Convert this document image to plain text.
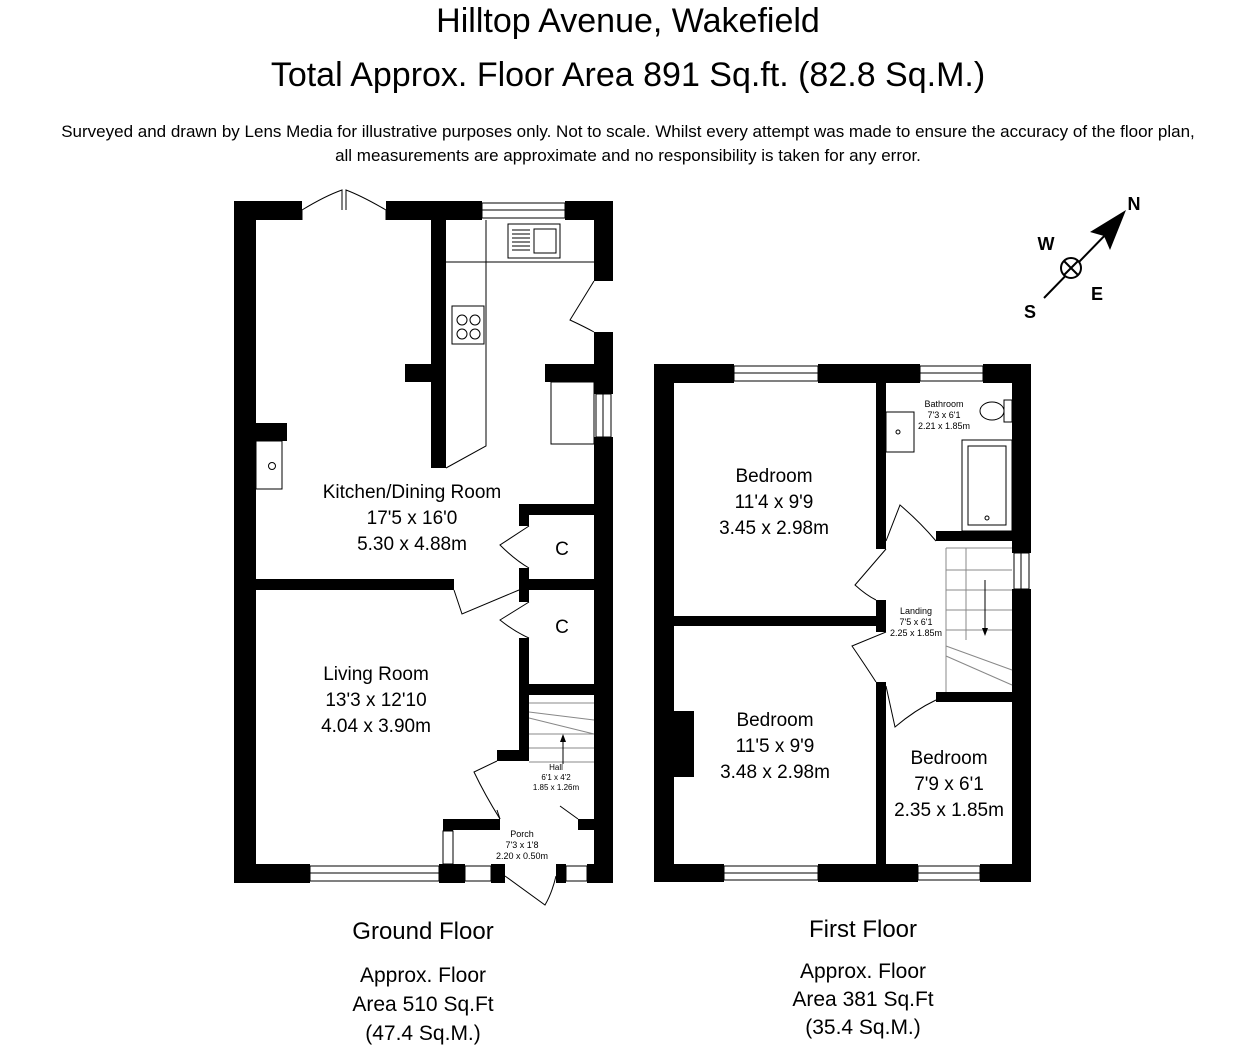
Hilltop Avenue, Wakefield
Total Approx. Floor Area 891 Sq.ft. (82.8 Sq.M.)
Surveyed and drawn by Lens Media for illustrative purposes only. Not to scale. Whilst every attempt was made to ensure the accuracy of the floor plan,
all measurements are approximate and no responsibility is taken for any error.
N
W
E
S
Kitchen/Dining Room
17'5 x 16'0
5.30 x 4.88m	C
C
Living Room
13'3 x 12'10
4.04 x 3.90m
Hall
6'1 x 4'2
1.85 x 1.26m
Porch
7'3 x 1'8
2.20 x 0.50m
Bedroom
11'4 x 9'9
3.45 x 2.98m
Bedroom
11'5 x 9'9
3.48 x 2.98m
Bedroom
7'9 x 6'1
2.35 x 1.85m
Bathroom
7'3 x 6'1
2.21 x 1.85m
Landing
7'5 x 6'1
2.25 x 1.85m
Ground Floor
Approx. Floor
Area 510 Sq.Ft
(47.4 Sq.M.)
First Floor
Approx. Floor
Area 381 Sq.Ft
(35.4 Sq.M.)
